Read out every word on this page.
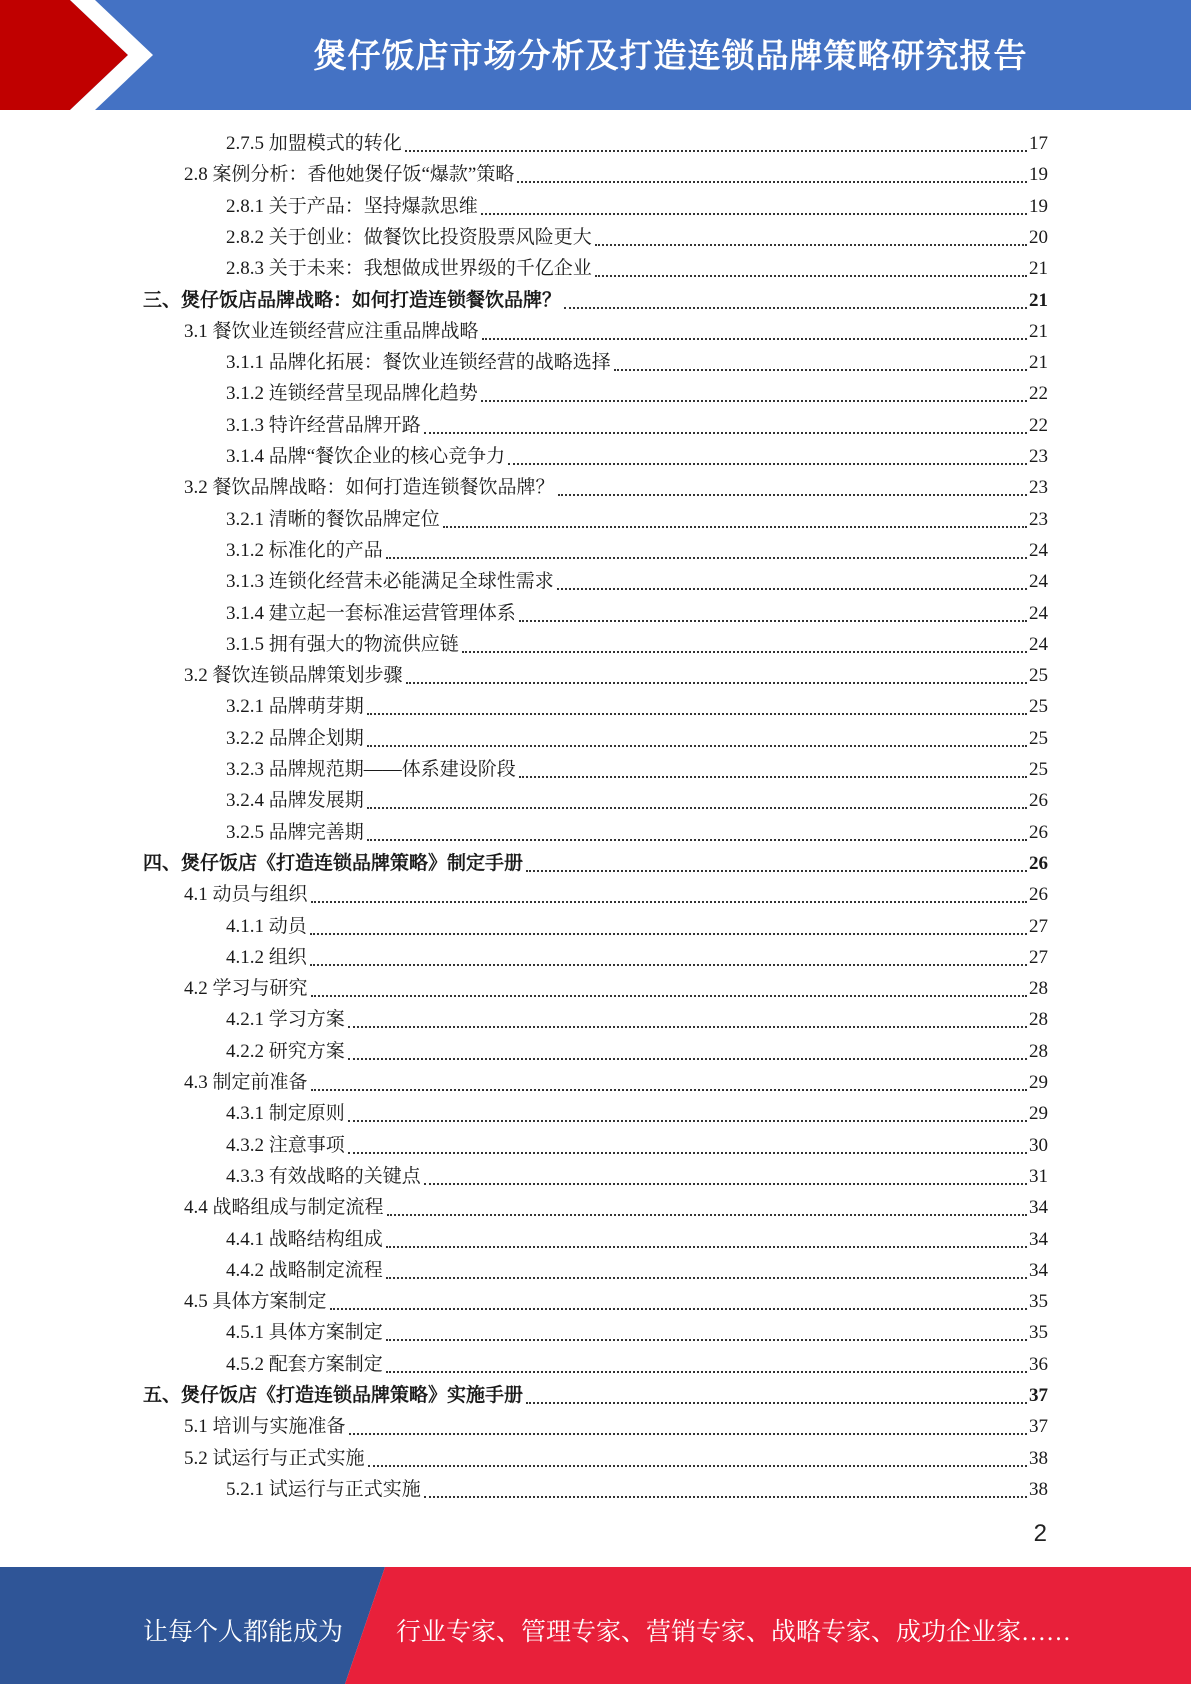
煲仔饭店市场分析及打造连锁品牌策略研究报告
2.7.5 加盟模式的转化	17
2.8 案例分析：香他她煲仔饭“爆款”策略	19
2.8.1 关于产品：坚持爆款思维	19
2.8.2 关于创业：做餐饮比投资股票风险更大	20
2.8.3 关于未来：我想做成世界级的千亿企业	21
三、煲仔饭店品牌战略：如何打造连锁餐饮品牌？	21
3.1 餐饮业连锁经营应注重品牌战略	21
3.1.1 品牌化拓展：餐饮业连锁经营的战略选择	21
3.1.2 连锁经营呈现品牌化趋势	22
3.1.3 特许经营品牌开路	22
3.1.4 品牌“餐饮企业的核心竞争力	23
3.2 餐饮品牌战略：如何打造连锁餐饮品牌？	23
3.2.1 清晰的餐饮品牌定位	23
3.1.2 标准化的产品	24
3.1.3 连锁化经营未必能满足全球性需求	24
3.1.4 建立起一套标准运营管理体系	24
3.1.5 拥有强大的物流供应链	24
3.2 餐饮连锁品牌策划步骤	25
3.2.1 品牌萌芽期	25
3.2.2 品牌企划期	25
3.2.3 品牌规范期——体系建设阶段	25
3.2.4 品牌发展期	26
3.2.5 品牌完善期	26
四、煲仔饭店《打造连锁品牌策略》制定手册	26
4.1 动员与组织	26
4.1.1 动员	27
4.1.2 组织	27
4.2 学习与研究	28
4.2.1 学习方案	28
4.2.2 研究方案	28
4.3 制定前准备	29
4.3.1 制定原则	29
4.3.2 注意事项	30
4.3.3 有效战略的关键点	31
4.4 战略组成与制定流程	34
4.4.1 战略结构组成	34
4.4.2 战略制定流程	34
4.5 具体方案制定	35
4.5.1 具体方案制定	35
4.5.2 配套方案制定	36
五、煲仔饭店《打造连锁品牌策略》实施手册	37
5.1 培训与实施准备	37
5.2 试运行与正式实施	38
5.2.1 试运行与正式实施	38
2
让每个人都能成为 行业专家、管理专家、营销专家、战略专家、成功企业家……
